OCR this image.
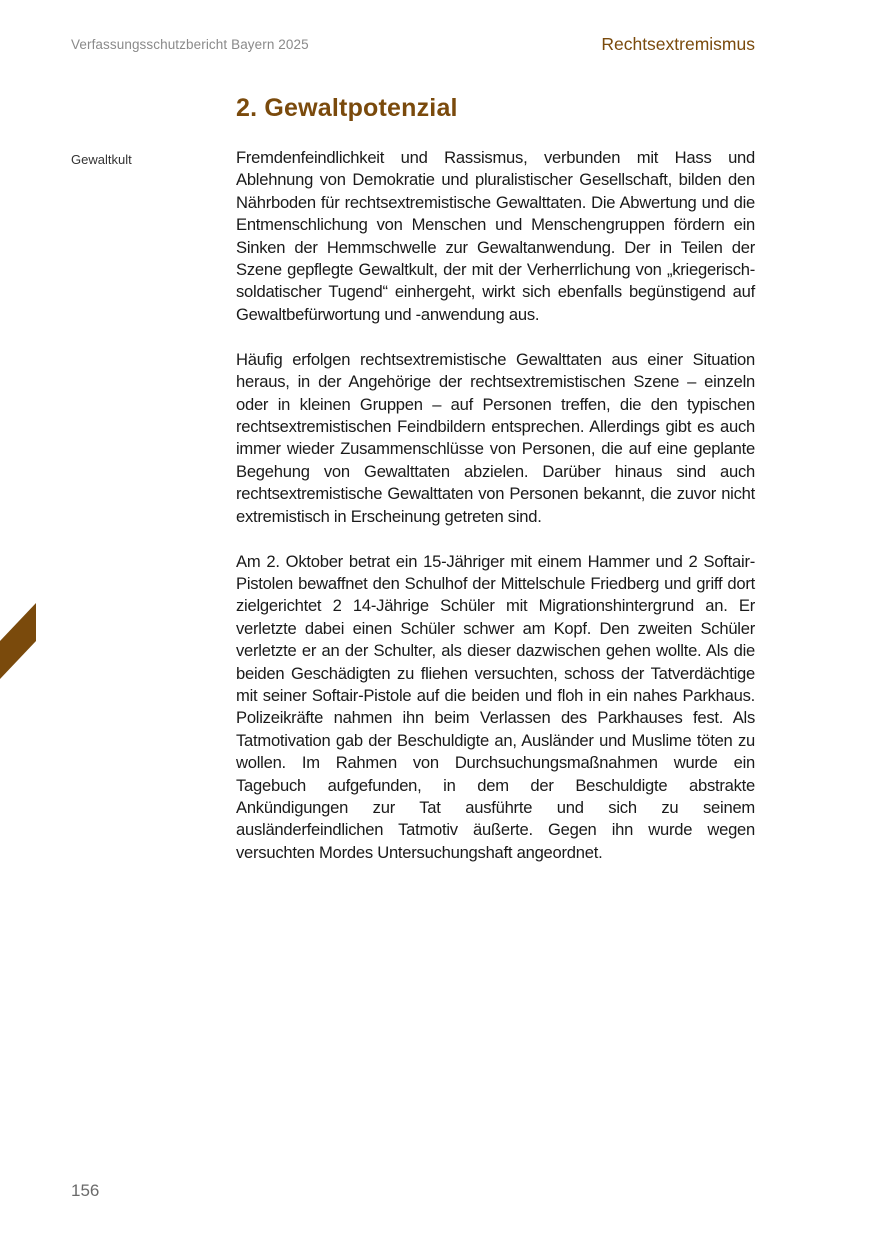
Verfassungsschutzbericht Bayern 2025	Rechtsextremismus
2. Gewaltpotenzial
Gewaltkult	Fremdenfeindlichkeit und Rassismus, verbunden mit Hass und Ablehnung von Demokratie und pluralistischer Gesellschaft, bilden den Nährboden für rechtsextremistische Gewalttaten. Die Abwertung und die Entmenschlichung von Menschen und Menschengruppen fördern ein Sinken der Hemmschwelle zur Gewaltanwendung. Der in Teilen der Szene gepflegte Gewaltkult, der mit der Verherrlichung von „kriegerisch-soldatischer Tugend“ einhergeht, wirkt sich ebenfalls begünstigend auf Gewaltbefürwortung und -anwendung aus.

Häufig erfolgen rechtsextremistische Gewalttaten aus einer Situation heraus, in der Angehörige der rechtsextremistischen Szene – einzeln oder in kleinen Gruppen – auf Personen treffen, die den typischen rechtsextremistischen Feindbildern entsprechen. Allerdings gibt es auch immer wieder Zusammenschlüsse von Personen, die auf eine geplante Begehung von Gewalttaten abzielen. Darüber hinaus sind auch rechtsextremistische Gewalttaten von Personen bekannt, die zuvor nicht extremistisch in Erscheinung getreten sind.

Am 2. Oktober betrat ein 15-Jähriger mit einem Hammer und 2 Softair-Pistolen bewaffnet den Schulhof der Mittelschule Friedberg und griff dort zielgerichtet 2 14-Jährige Schüler mit Migrationshintergrund an. Er verletzte dabei einen Schüler schwer am Kopf. Den zweiten Schüler verletzte er an der Schulter, als dieser dazwischen gehen wollte. Als die beiden Geschädigten zu fliehen versuchten, schoss der Tatverdächtige mit seiner Softair-Pistole auf die beiden und floh in ein nahes Parkhaus. Polizeikräfte nahmen ihn beim Verlassen des Parkhauses fest. Als Tatmotivation gab der Beschuldigte an, Ausländer und Muslime töten zu wollen. Im Rahmen von Durchsuchungsmaßnahmen wurde ein Tagebuch aufgefunden, in dem der Beschuldigte abstrakte Ankündigungen zur Tat ausführte und sich zu seinem ausländerfeindlichen Tatmotiv äußerte. Gegen ihn wurde wegen versuchten Mordes Untersuchungshaft angeordnet.

156
